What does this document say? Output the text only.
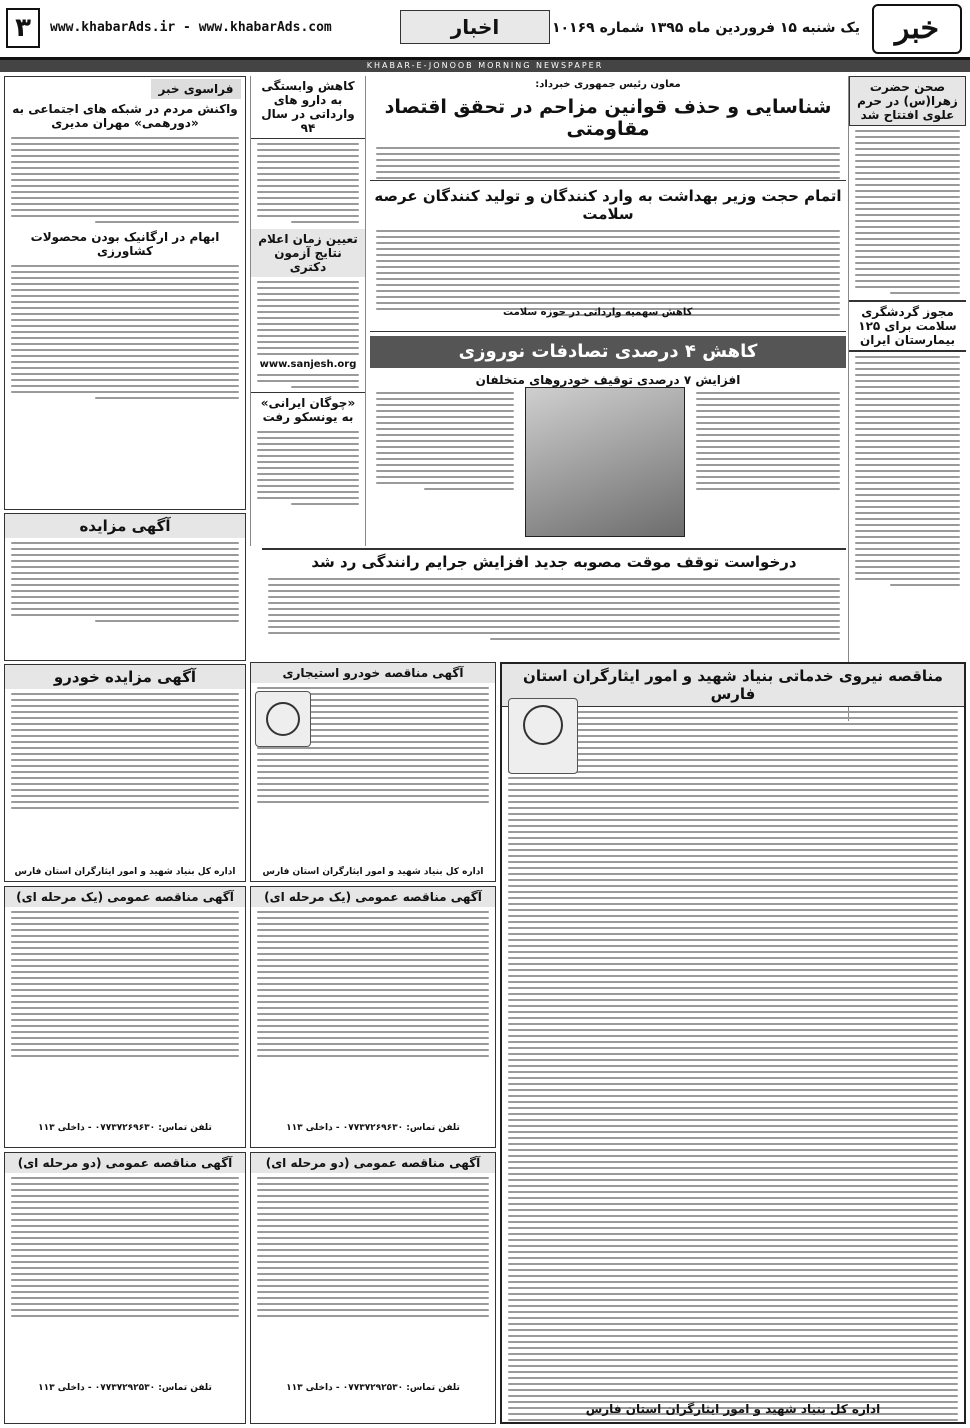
خبر
یک شنبه ۱۵ فروردین ماه ۱۳۹۵ شماره ۱۰۱۶۹
اخبار
www.khabarAds.ir - www.khabarAds.com
۳
KHABAR-E-JONOOB MORNING NEWSPAPER
صحن حضرت زهرا(س) در حرم علوی افتتاح شد
مجوز گردشگری سلامت برای ۱۲۵ بیمارستان ایران
معاون رئیس جمهوری خبرداد:
شناسایی و حذف قوانین مزاحم در تحقق اقتصاد مقاومتی
اتمام حجت وزیر بهداشت به وارد کنندگان و تولید کنندگان عرصه سلامت
کاهش سهمیه وارداتی در حوزه سلامت
کاهش ۴ درصدی تصادفات نوروزی
افزایش ۷ درصدی توقیف خودروهای متخلفان
درخواست توقف موقت مصوبه جدید افزایش جرایم رانندگی رد شد
کاهش وابستگی به دارو های وارداتی در سال ۹۴
تعیین زمان اعلام نتایج آزمون دکتری
www.sanjesh.org
«چوگان ایرانی» به یونسکو رفت
فراسوی خبر
واکنش مردم در شبکه های اجتماعی به «دورهمی» مهران مدیری
ابهام در ارگانیک بودن محصولات کشاورزی
آگهی مزایده
آگهی مزایده خودرو
اداره کل بنیاد شهید و امور ایثارگران استان فارس
آگهی مناقصه خودرو استیجاری
اداره کل بنیاد شهید و امور ایثارگران استان فارس
مناقصه نیروی خدماتی بنیاد شهید و امور ایثارگران استان فارس
اداره کل بنیاد شهید و امور ایثارگران استان فارس
آگهی مناقصه عمومی (یک مرحله ای)
تلفن تماس: ۰۷۷۳۷۲۶۹۶۳۰ - داخلی ۱۱۳
آگهی مناقصه عمومی (یک مرحله ای)
تلفن تماس: ۰۷۷۳۷۲۶۹۶۳۰ - داخلی ۱۱۳
آگهی مناقصه عمومی (دو مرحله ای)
تلفن تماس: ۰۷۷۳۷۲۹۲۵۳۰ - داخلی ۱۱۳
آگهی مناقصه عمومی (دو مرحله ای)
تلفن تماس: ۰۷۷۳۷۲۹۲۵۳۰ - داخلی ۱۱۳
